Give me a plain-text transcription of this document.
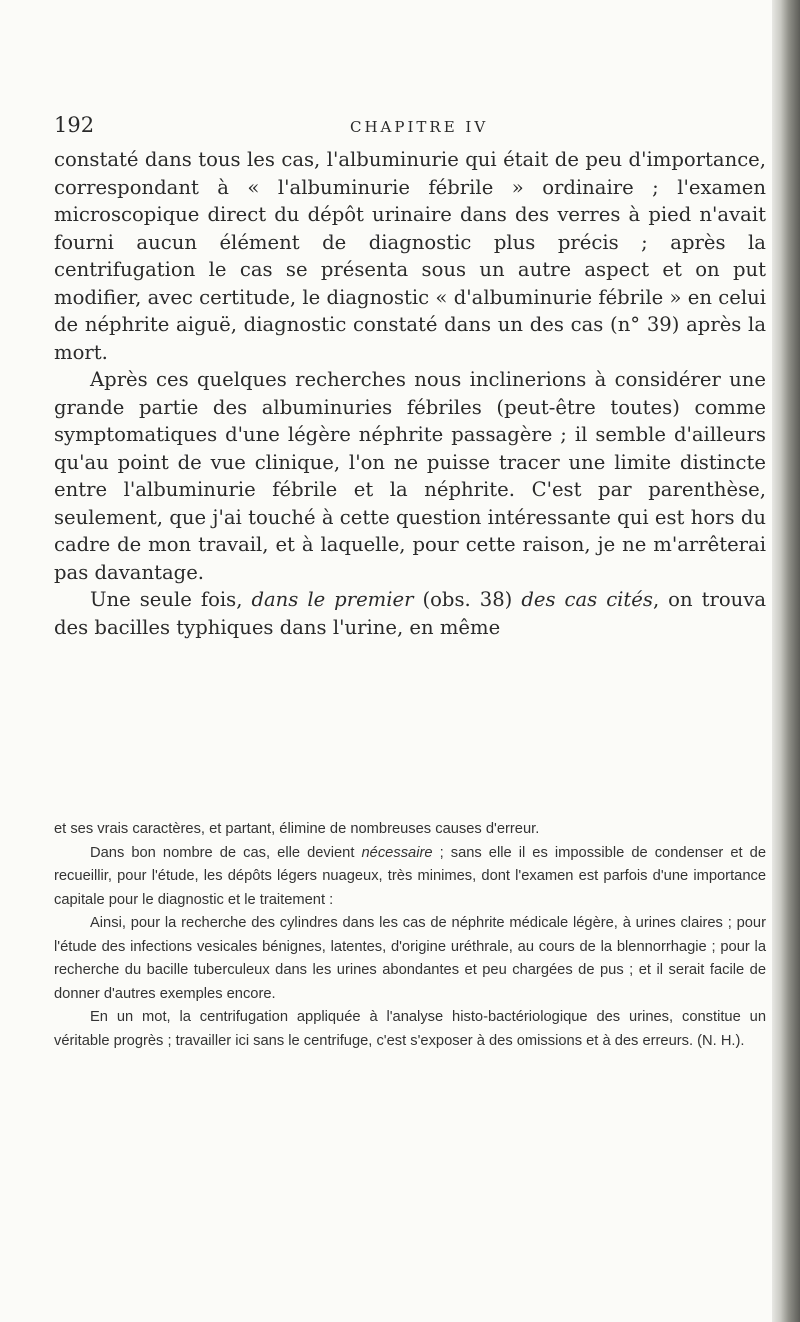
192	CHAPITRE IV

constaté dans tous les cas, l'albuminurie qui était de peu d'importance, correspondant à « l'albuminurie fébrile » ordinaire ; l'examen microscopique direct du dépôt urinaire dans des verres à pied n'avait fourni aucun élément de diagnostic plus précis ; après la centrifugation le cas se présenta sous un autre aspect et on put modifier, avec certitude, le diagnostic « d'albuminurie fébrile » en celui de néphrite aiguë, diagnostic constaté dans un des cas (n° 39) après la mort.

Après ces quelques recherches nous inclinerions à considérer une grande partie des albuminuries fébriles (peut-être toutes) comme symptomatiques d'une légère néphrite passagère ; il semble d'ailleurs qu'au point de vue clinique, l'on ne puisse tracer une limite distincte entre l'albuminurie fébrile et la néphrite. C'est par parenthèse, seulement, que j'ai touché à cette question intéressante qui est hors du cadre de mon travail, et à laquelle, pour cette raison, je ne m'arrêterai pas davantage.

Une seule fois, dans le premier (obs. 38) des cas cités, on trouva des bacilles typhiques dans l'urine, en même

et ses vrais caractères, et partant, élimine de nombreuses causes d'erreur.

Dans bon nombre de cas, elle devient nécessaire ; sans elle il es impossible de condenser et de recueillir, pour l'étude, les dépôts légers nuageux, très minimes, dont l'examen est parfois d'une importance capitale pour le diagnostic et le traitement :

Ainsi, pour la recherche des cylindres dans les cas de néphrite médicale légère, à urines claires ; pour l'étude des infections vesicales bénignes, latentes, d'origine uréthrale, au cours de la blennorrhagie ; pour la recherche du bacille tuberculeux dans les urines abondantes et peu chargées de pus ; et il serait facile de donner d'autres exemples encore.

En un mot, la centrifugation appliquée à l'analyse histo-bactériologique des urines, constitue un véritable progrès ; travailler ici sans le centrifuge, c'est s'exposer à des omissions et à des erreurs. (N. H.).
